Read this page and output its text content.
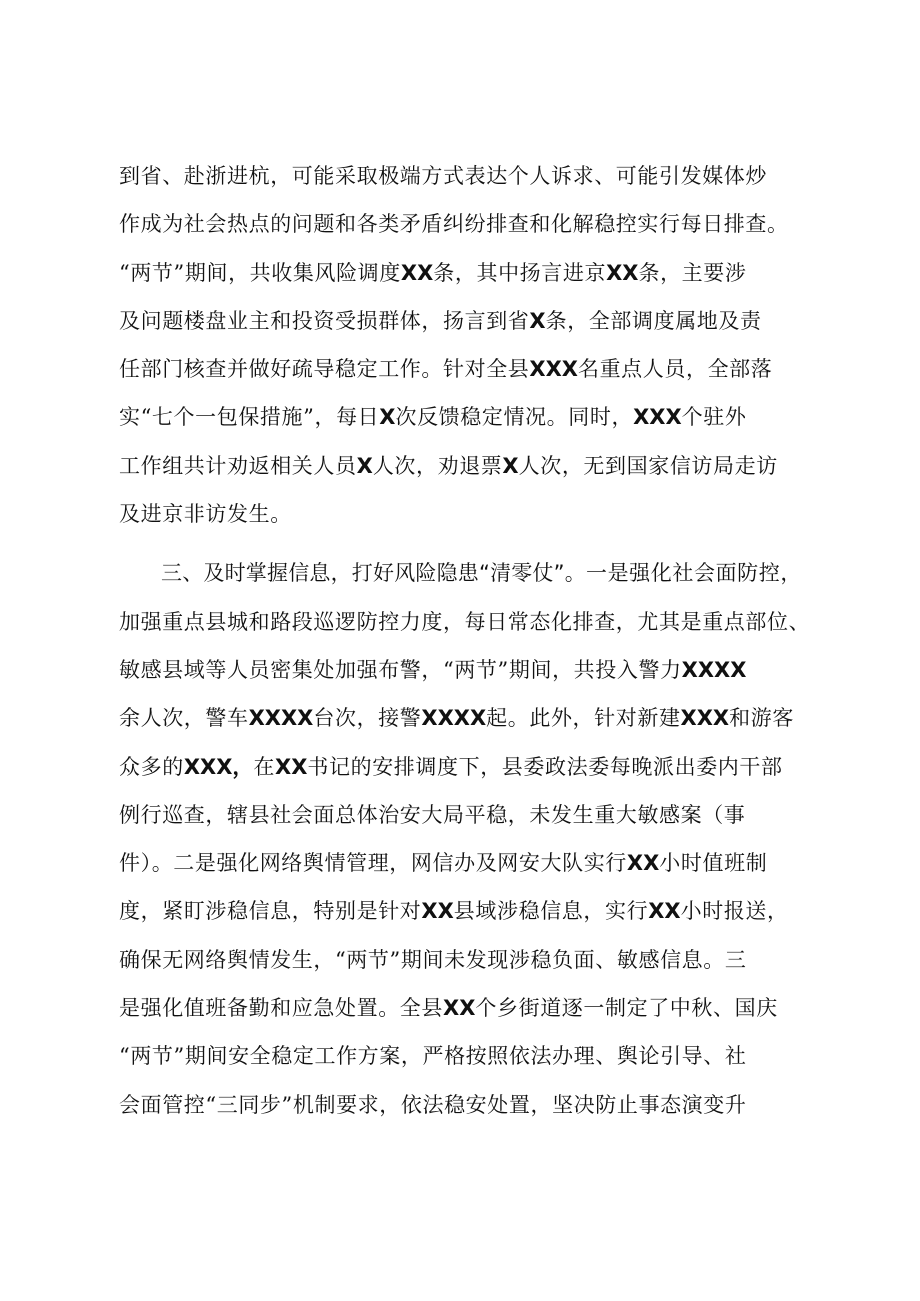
到省、赴浙进杭，可能采取极端方式表达个人诉求、可能引发媒体炒
作成为社会热点的问题和各类矛盾纠纷排查和化解稳控实行每日排查。
“两节”期间，共收集风险调度XX条，其中扬言进京XX条，主要涉
及问题楼盘业主和投资受损群体，扬言到省X条，全部调度属地及责
任部门核查并做好疏导稳定工作。针对全县XXX名重点人员，全部落
实“七个一包保措施”，每日X次反馈稳定情况。同时，XXX个驻外
工作组共计劝返相关人员X人次，劝退票X人次，无到国家信访局走访
及进京非访发生。
三、及时掌握信息，打好风险隐患“清零仗”。一是强化社会面防控，
加强重点县城和路段巡逻防控力度，每日常态化排查，尤其是重点部位、
敏感县域等人员密集处加强布警，“两节”期间，共投入警力XXXX
余人次，警车XXXX台次，接警XXXX起。此外，针对新建XXX和游客
众多的XXX，在XX书记的安排调度下，县委政法委每晚派出委内干部
例行巡查，辖县社会面总体治安大局平稳，未发生重大敏感案（事
件）。二是强化网络舆情管理，网信办及网安大队实行XX小时值班制
度，紧盯涉稳信息，特别是针对XX县域涉稳信息，实行XX小时报送，
确保无网络舆情发生，“两节”期间未发现涉稳负面、敏感信息。三
是强化值班备勤和应急处置。全县XX个乡街道逐一制定了中秋、国庆
“两节”期间安全稳定工作方案，严格按照依法办理、舆论引导、社
会面管控“三同步”机制要求，依法稳安处置，坚决防止事态演变升
